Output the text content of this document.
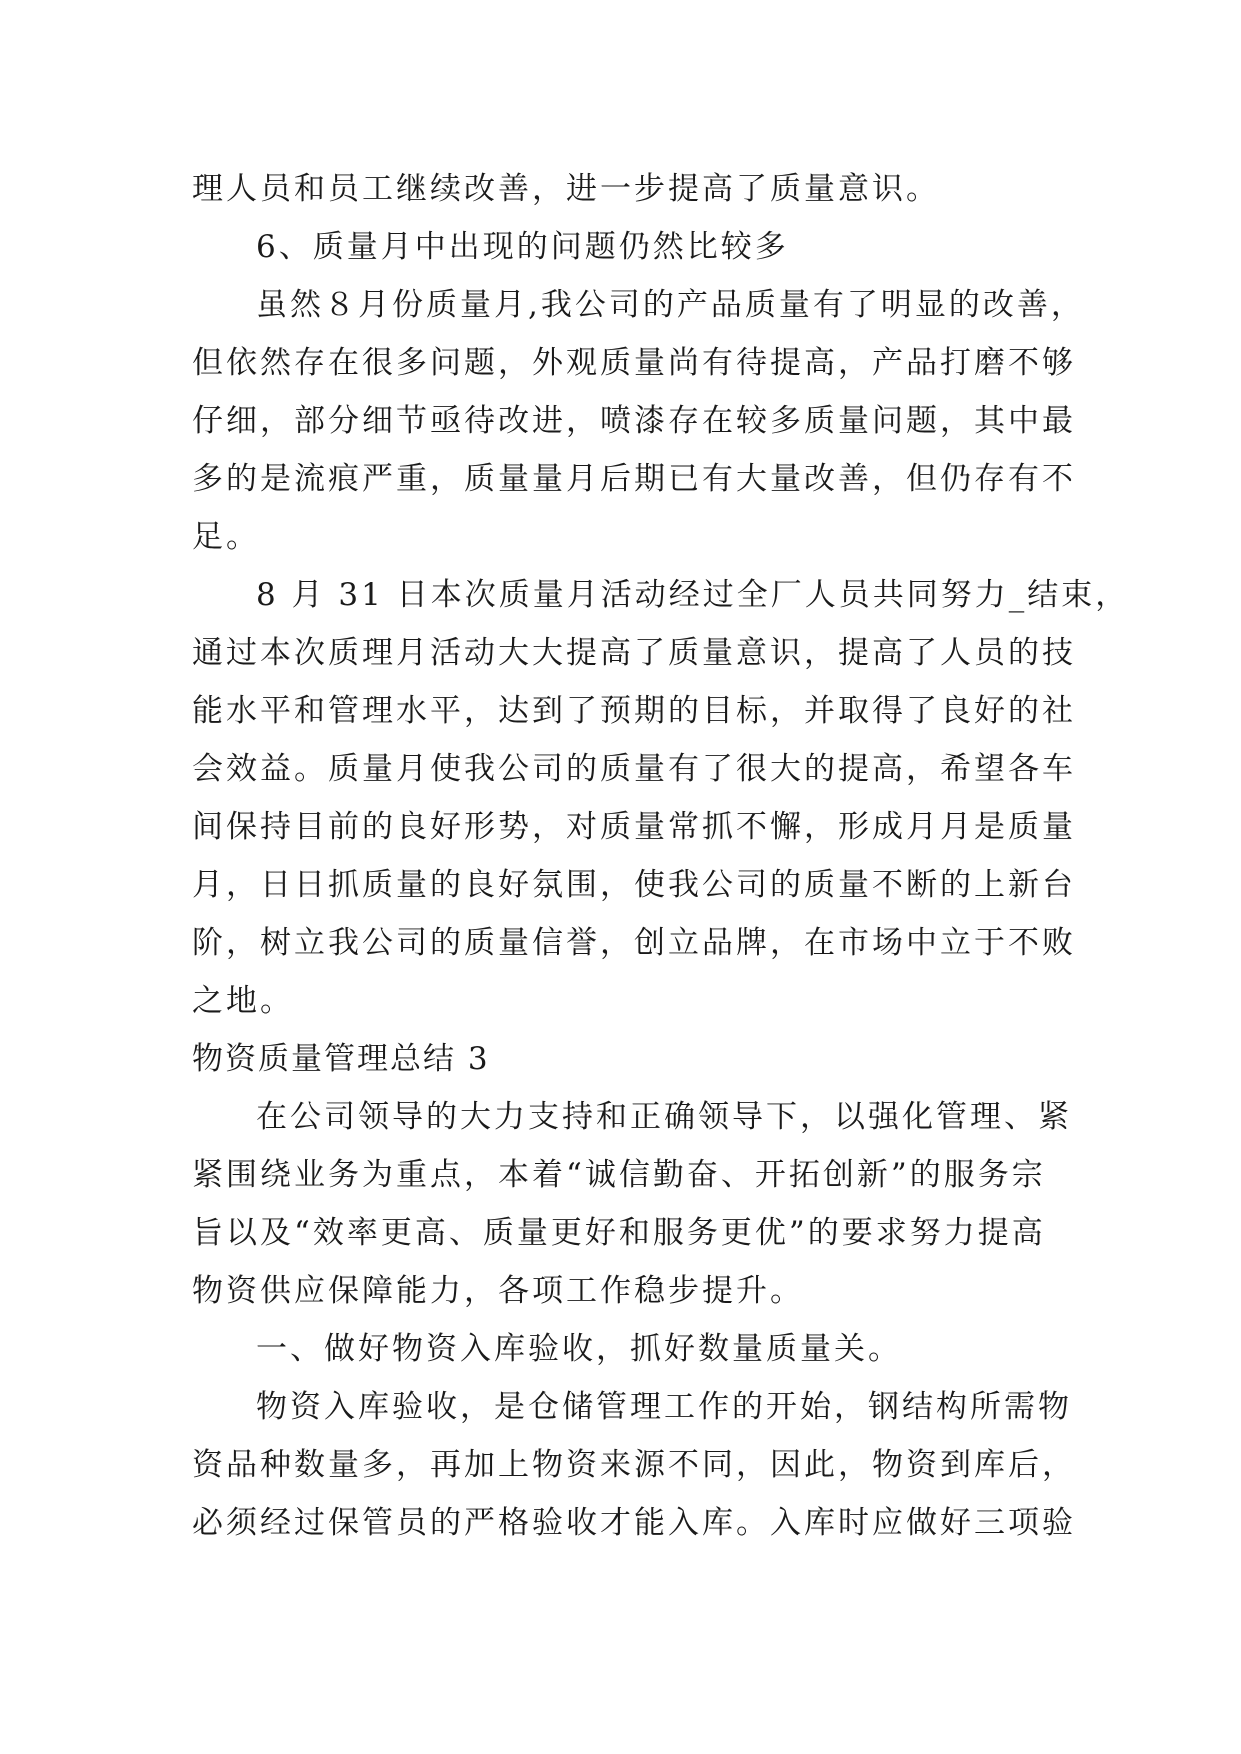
理人员和员工继续改善，进一步提高了质量意识。
6、质量月中出现的问题仍然比较多
虽然８月份质量月,我公司的产品质量有了明显的改善，
但依然存在很多问题，外观质量尚有待提高，产品打磨不够
仔细，部分细节亟待改进，喷漆存在较多质量问题，其中最
多的是流痕严重，质量量月后期已有大量改善，但仍存有不
足。
8 月 31 日本次质量月活动经过全厂人员共同努力_结束，
通过本次质理月活动大大提高了质量意识，提高了人员的技
能水平和管理水平，达到了预期的目标，并取得了良好的社
会效益。质量月使我公司的质量有了很大的提高，希望各车
间保持目前的良好形势，对质量常抓不懈，形成月月是质量
月，日日抓质量的良好氛围，使我公司的质量不断的上新台
阶，树立我公司的质量信誉，创立品牌，在市场中立于不败
之地。
物资质量管理总结 3
在公司领导的大力支持和正确领导下，以强化管理、紧
紧围绕业务为重点，本着“诚信勤奋、开拓创新”的服务宗
旨以及“效率更高、质量更好和服务更优”的要求努力提高
物资供应保障能力，各项工作稳步提升。
一、做好物资入库验收，抓好数量质量关。
物资入库验收，是仓储管理工作的开始，钢结构所需物
资品种数量多，再加上物资来源不同，因此，物资到库后，
必须经过保管员的严格验收才能入库。入库时应做好三项验
